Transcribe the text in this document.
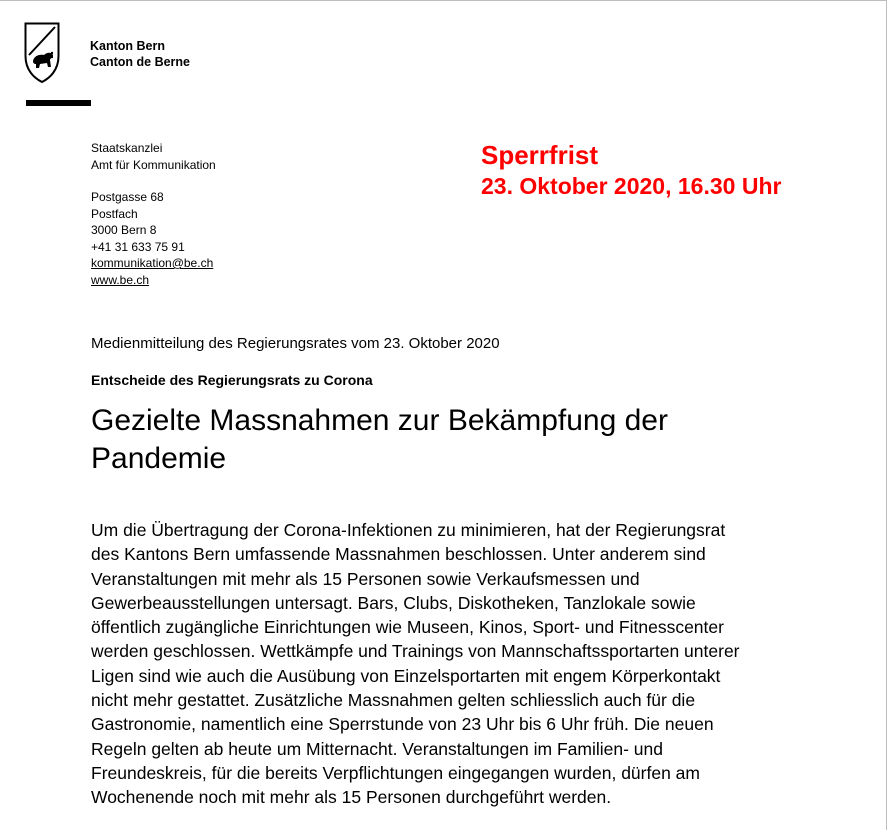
Kanton Bern
Canton de Berne
Staatskanzlei
Amt für Kommunikation
Postgasse 68
Postfach
3000 Bern 8
+41 31 633 75 91
kommunikation@be.ch
www.be.ch
Sperrfrist
23. Oktober 2020, 16.30 Uhr
Medienmitteilung des Regierungsrates vom 23. Oktober 2020
Entscheide des Regierungsrats zu Corona
Gezielte Massnahmen zur Bekämpfung der
Pandemie
Um die Übertragung der Corona-Infektionen zu minimieren, hat der Regierungsrat
des Kantons Bern umfassende Massnahmen beschlossen. Unter anderem sind
Veranstaltungen mit mehr als 15 Personen sowie Verkaufsmessen und
Gewerbeausstellungen untersagt. Bars, Clubs, Diskotheken, Tanzlokale sowie
öffentlich zugängliche Einrichtungen wie Museen, Kinos, Sport- und Fitnesscenter
werden geschlossen. Wettkämpfe und Trainings von Mannschaftssportarten unterer
Ligen sind wie auch die Ausübung von Einzelsportarten mit engem Körperkontakt
nicht mehr gestattet. Zusätzliche Massnahmen gelten schliesslich auch für die
Gastronomie, namentlich eine Sperrstunde von 23 Uhr bis 6 Uhr früh. Die neuen
Regeln gelten ab heute um Mitternacht. Veranstaltungen im Familien- und
Freundeskreis, für die bereits Verpflichtungen eingegangen wurden, dürfen am
Wochenende noch mit mehr als 15 Personen durchgeführt werden.
